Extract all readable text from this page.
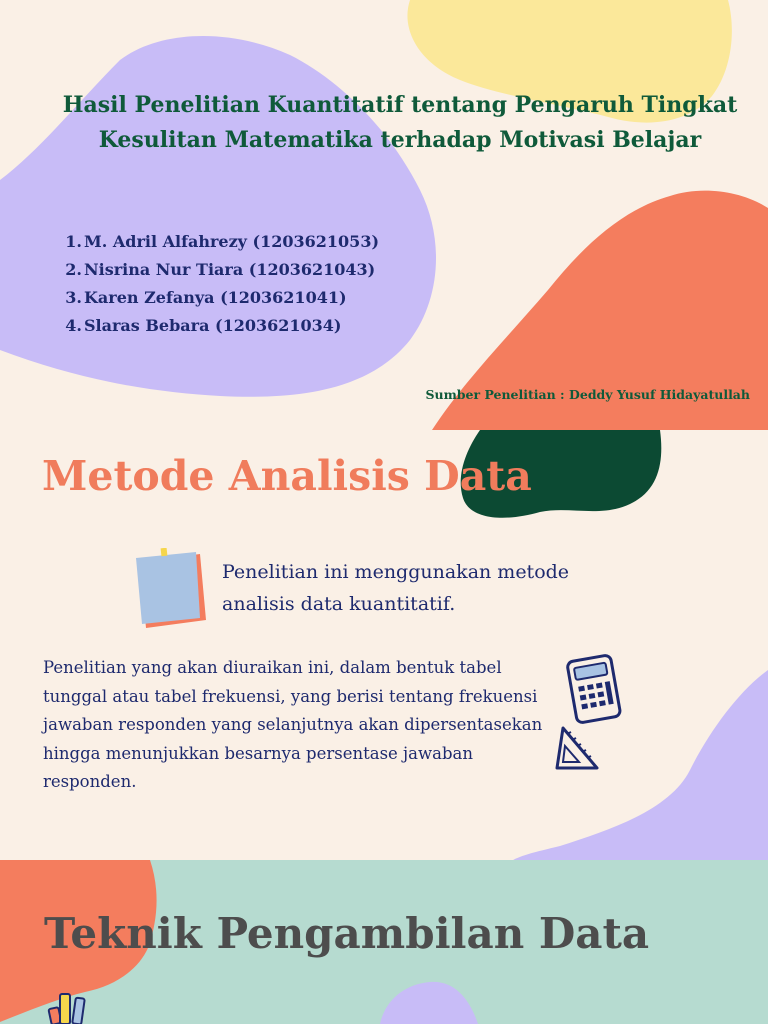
Hasil Penelitian Kuantitatif tentang Pengaruh Tingkat Kesulitan Matematika terhadap Motivasi Belajar
1. M. Adril Alfahrezy (1203621053)
2. Nisrina Nur Tiara (1203621043)
3. Karen Zefanya (1203621041)
4. Slaras Bebara (1203621034)

Sumber Penelitian : Deddy Yusuf Hidayatullah

Metode Analisis Data

Penelitian ini menggunakan metode analisis data kuantitatif.

Penelitian yang akan diuraikan ini, dalam bentuk tabel tunggal atau tabel frekuensi, yang berisi tentang frekuensi jawaban responden yang selanjutnya akan dipersentasekan hingga menunjukkan besarnya persentase jawaban responden.

Teknik Pengambilan Data
